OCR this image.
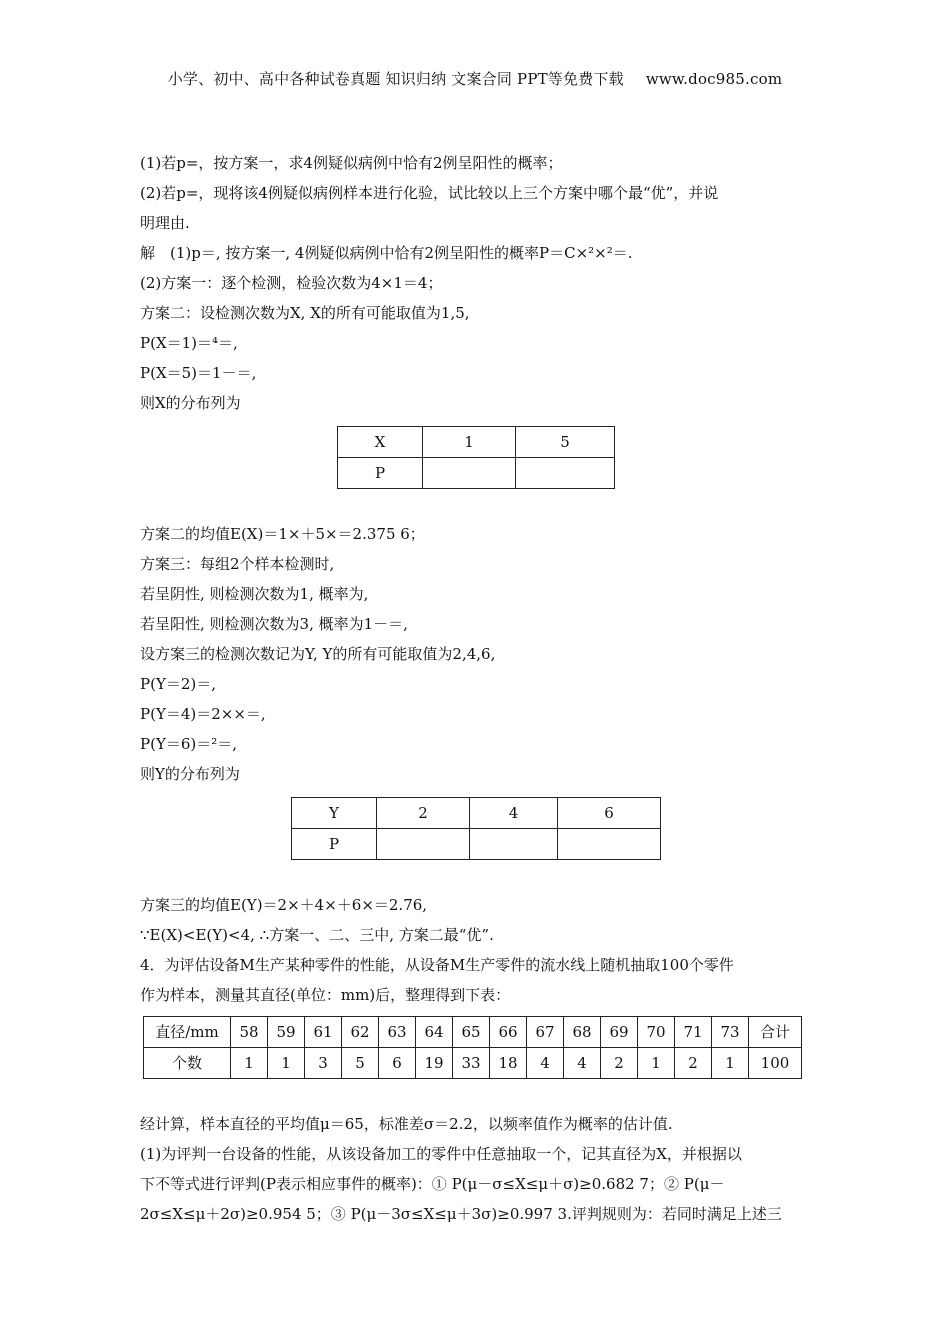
小学、初中、高中各种试卷真题 知识归纳 文案合同 PPT等免费下载 www.doc985.com
(1)若p=，按方案一，求4例疑似病例中恰有2例呈阳性的概率；
(2)若p=，现将该4例疑似病例样本进行化验，试比较以上三个方案中哪个最“优”，并说
明理由.
解　(1)p＝, 按方案一, 4例疑似病例中恰有2例呈阳性的概率P＝C×²×²＝.
(2)方案一：逐个检测，检验次数为4×1＝4；
方案二：设检测次数为X, X的所有可能取值为1,5,
P(X＝1)＝⁴＝,
P(X＝5)＝1－＝,
则X的分布列为
X	1	5
P		
方案二的均值E(X)＝1×＋5×＝2.375 6；
方案三：每组2个样本检测时,
若呈阴性, 则检测次数为1, 概率为,
若呈阳性, 则检测次数为3, 概率为1－＝,
设方案三的检测次数记为Y, Y的所有可能取值为2,4,6,
P(Y＝2)＝,
P(Y＝4)＝2××＝,
P(Y＝6)＝²＝,
则Y的分布列为
Y	2	4	6
P			
方案三的均值E(Y)＝2×＋4×＋6×＝2.76,
∵E(X)<E(Y)<4, ∴方案一、二、三中, 方案二最“优”.
4．为评估设备M生产某种零件的性能，从设备M生产零件的流水线上随机抽取100个零件
作为样本，测量其直径(单位：mm)后，整理得到下表：
直径/mm	58	59	61	62	63	64	65	66	67	68	69	70	71	73	合计
个数	1	1	3	5	6	19	33	18	4	4	2	1	2	1	100
经计算，样本直径的平均值μ＝65，标准差σ＝2.2，以频率值作为概率的估计值.
(1)为评判一台设备的性能，从该设备加工的零件中任意抽取一个，记其直径为X，并根据以
下不等式进行评判(P表示相应事件的概率)：① P(μ－σ≤X≤μ＋σ)≥0.682 7；② P(μ－
2σ≤X≤μ＋2σ)≥0.954 5；③ P(μ－3σ≤X≤μ＋3σ)≥0.997 3.评判规则为：若同时满足上述三
